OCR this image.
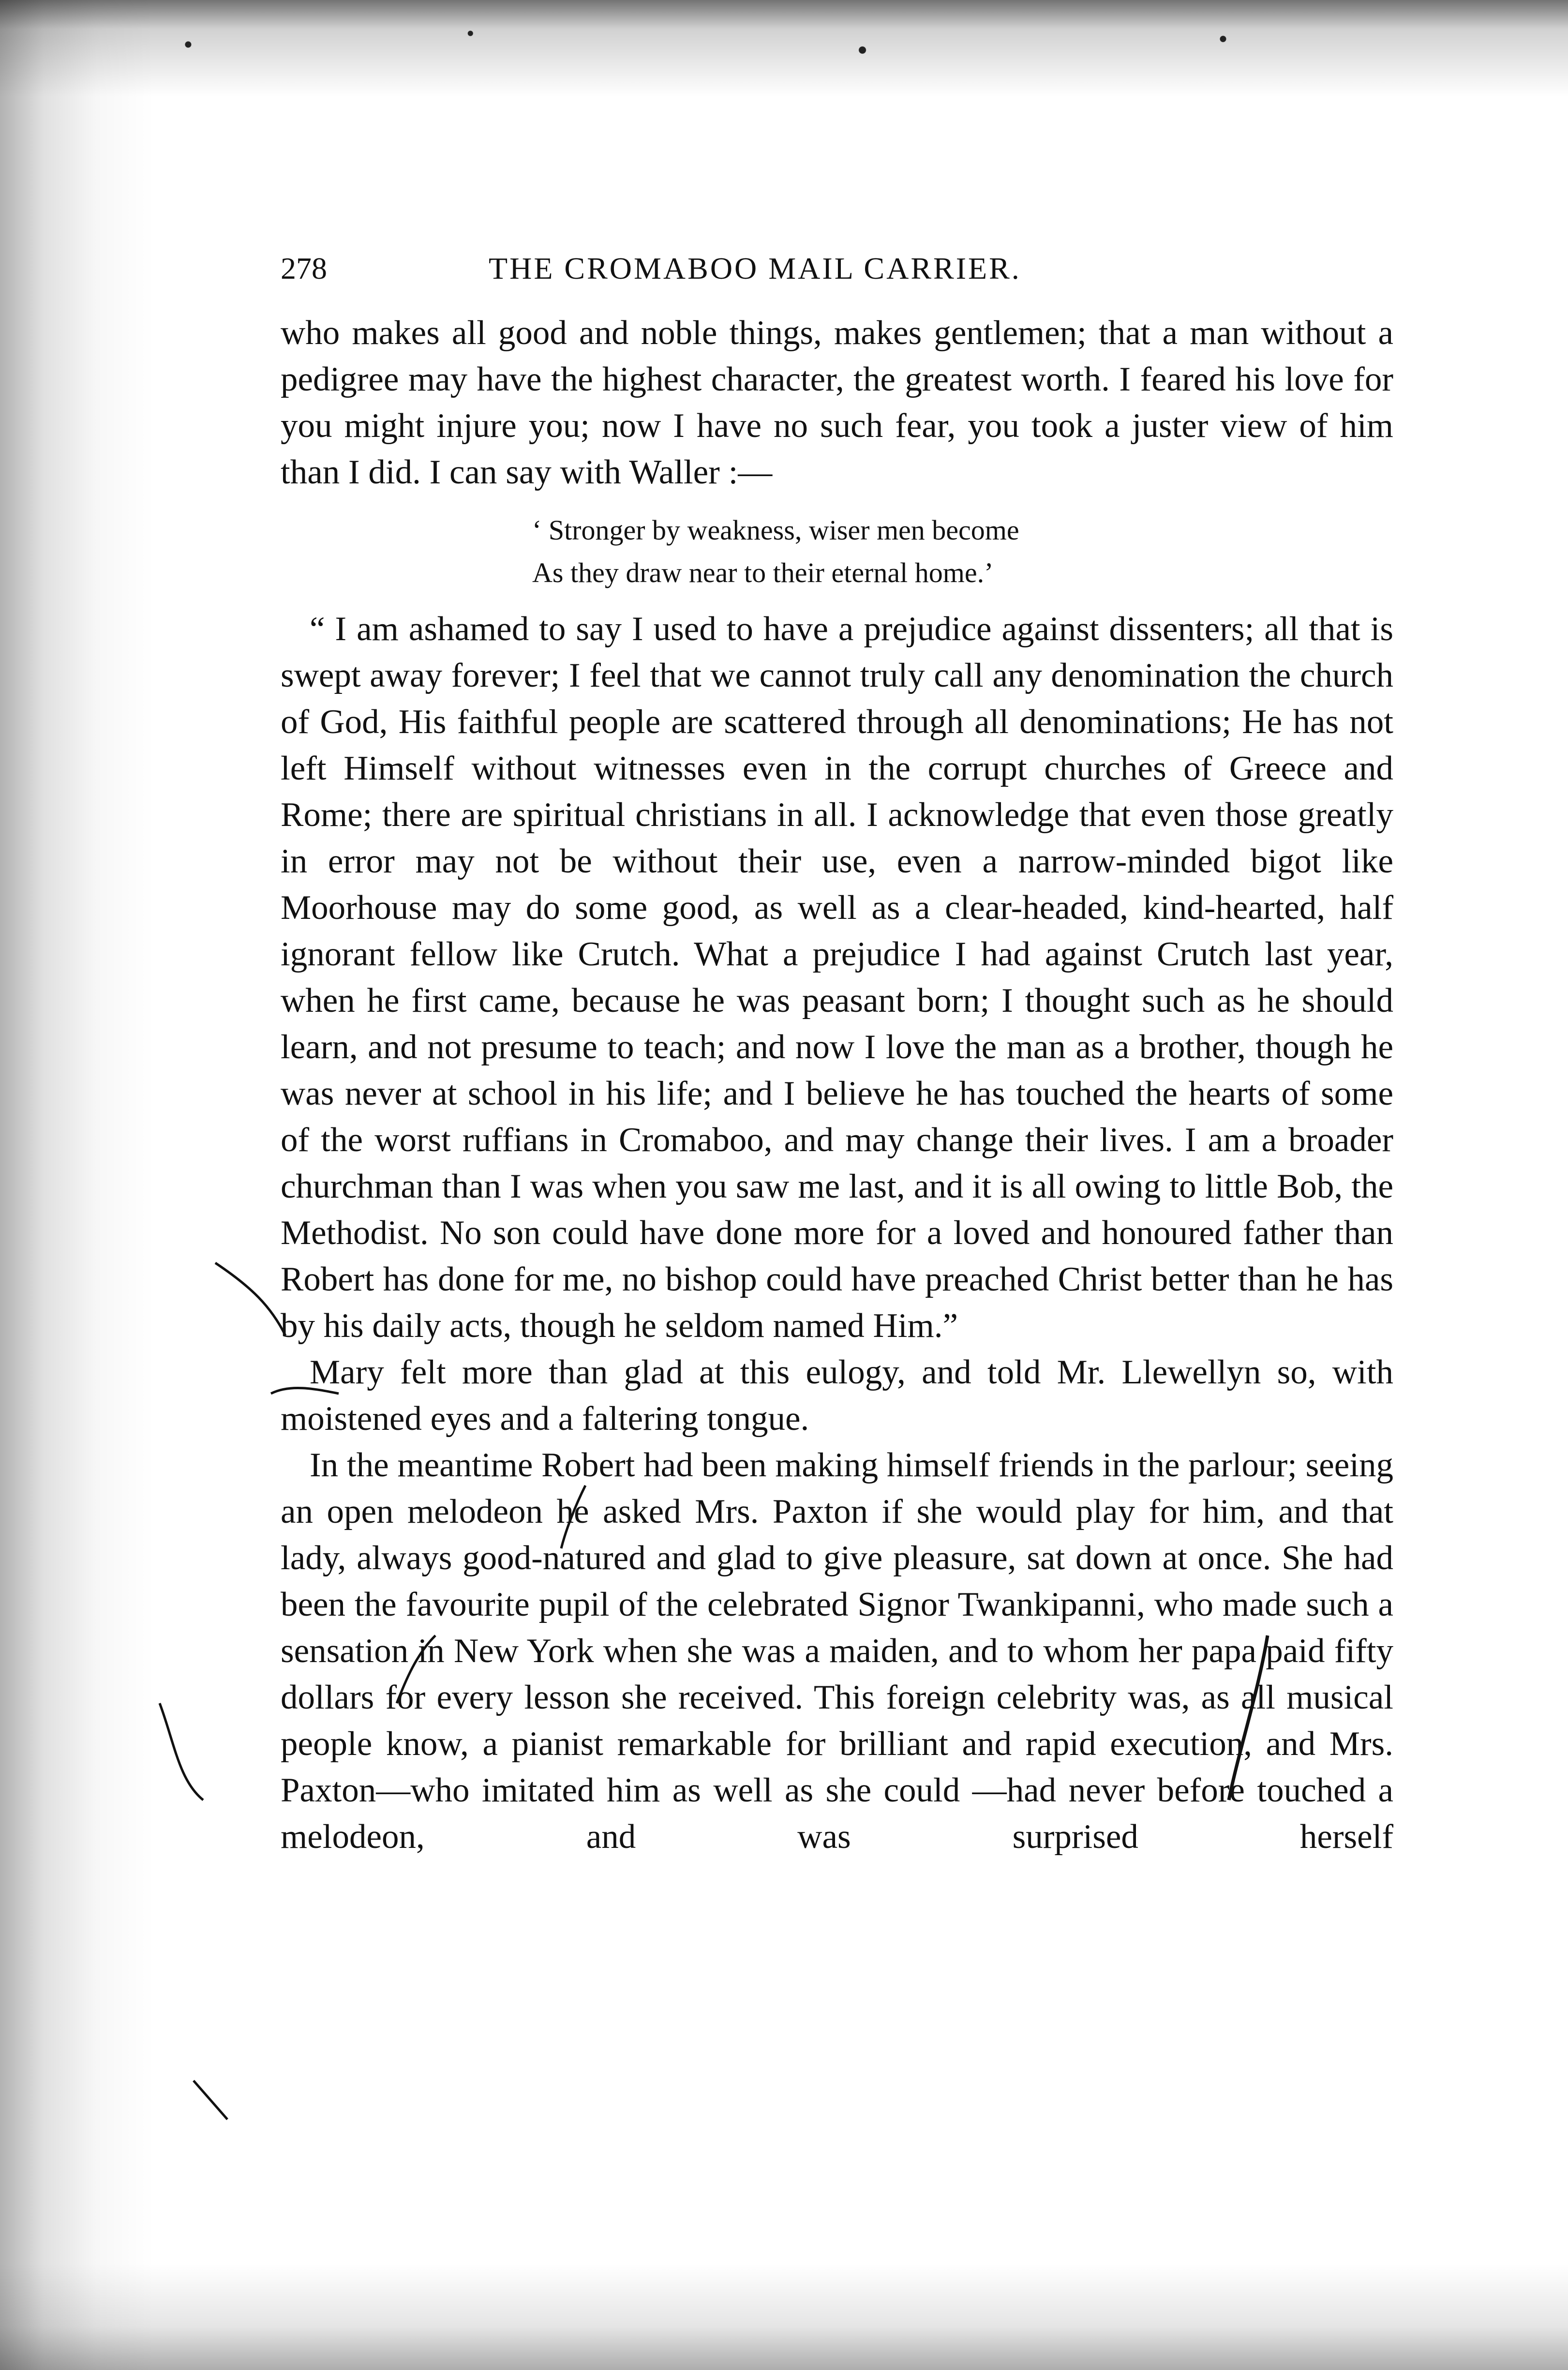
278	THE CROMABOO MAIL CARRIER.

who makes all good and noble things, makes gentlemen; that a man without a pedigree may have the highest character, the greatest worth. I feared his love for you might injure you; now I have no such fear, you took a juster view of him than I did. I can say with Waller :—

‘ Stronger by weakness, wiser men become
As they draw near to their eternal home.’

“ I am ashamed to say I used to have a prejudice against dissenters; all that is swept away forever; I feel that we cannot truly call any denomination the church of God, His faithful people are scattered through all denominations; He has not left Himself without witnesses even in the corrupt churches of Greece and Rome; there are spiritual christians in all. I acknowledge that even those greatly in error may not be without their use, even a narrow-minded bigot like Moorhouse may do some good, as well as a clear-headed, kind-hearted, half ignorant fellow like Crutch. What a prejudice I had against Crutch last year, when he first came, because he was peasant born; I thought such as he should learn, and not presume to teach; and now I love the man as a brother, though he was never at school in his life; and I believe he has touched the hearts of some of the worst ruffians in Cromaboo, and may change their lives. I am a broader churchman than I was when you saw me last, and it is all owing to little Bob, the Methodist. No son could have done more for a loved and honoured father than Robert has done for me, no bishop could have preached Christ better than he has by his daily acts, though he seldom named Him.”

Mary felt more than glad at this eulogy, and told Mr. Llewellyn so, with moistened eyes and a faltering tongue.

In the meantime Robert had been making himself friends in the parlour; seeing an open melodeon he asked Mrs. Paxton if she would play for him, and that lady, always good-natured and glad to give pleasure, sat down at once. She had been the favourite pupil of the celebrated Signor Twankipanni, who made such a sensation in New York when she was a maiden, and to whom her papa paid fifty dollars for every lesson she received. This foreign celebrity was, as all musical people know, a pianist remarkable for brilliant and rapid execution, and Mrs. Paxton—who imitated him as well as she could —had never before touched a melodeon, and was surprised herself
